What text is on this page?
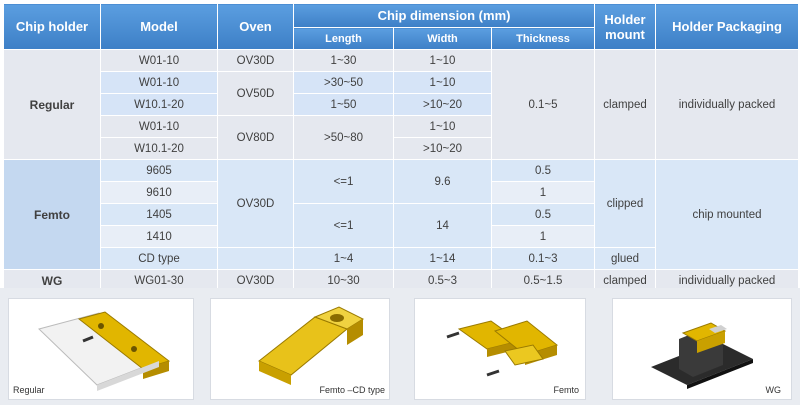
Chip holder	Model	Oven	Chip dimension (mm)			Holder mount	Holder Packaging
			Length	Width	Thickness		
Regular	W01-10	OV30D	1~30	1~10	0.1~5	clamped	individually packed
	W01-10	OV50D	>30~50	1~10			
	W10.1-20		1~50	>10~20			
	W01-10	OV80D	>50~80	1~10			
	W10.1-20			>10~20			
Femto	9605	OV30D	<=1	9.6	0.5	clipped	chip mounted
	9610				1		
	1405		<=1	14	0.5		
	1410				1		
	CD type		1~4	1~14	0.1~3	glued	
WG	WG01-30	OV30D	10~30	0.5~3	0.5~1.5	clamped	individually packed
Regular	Femto –CD type	Femto	WG
